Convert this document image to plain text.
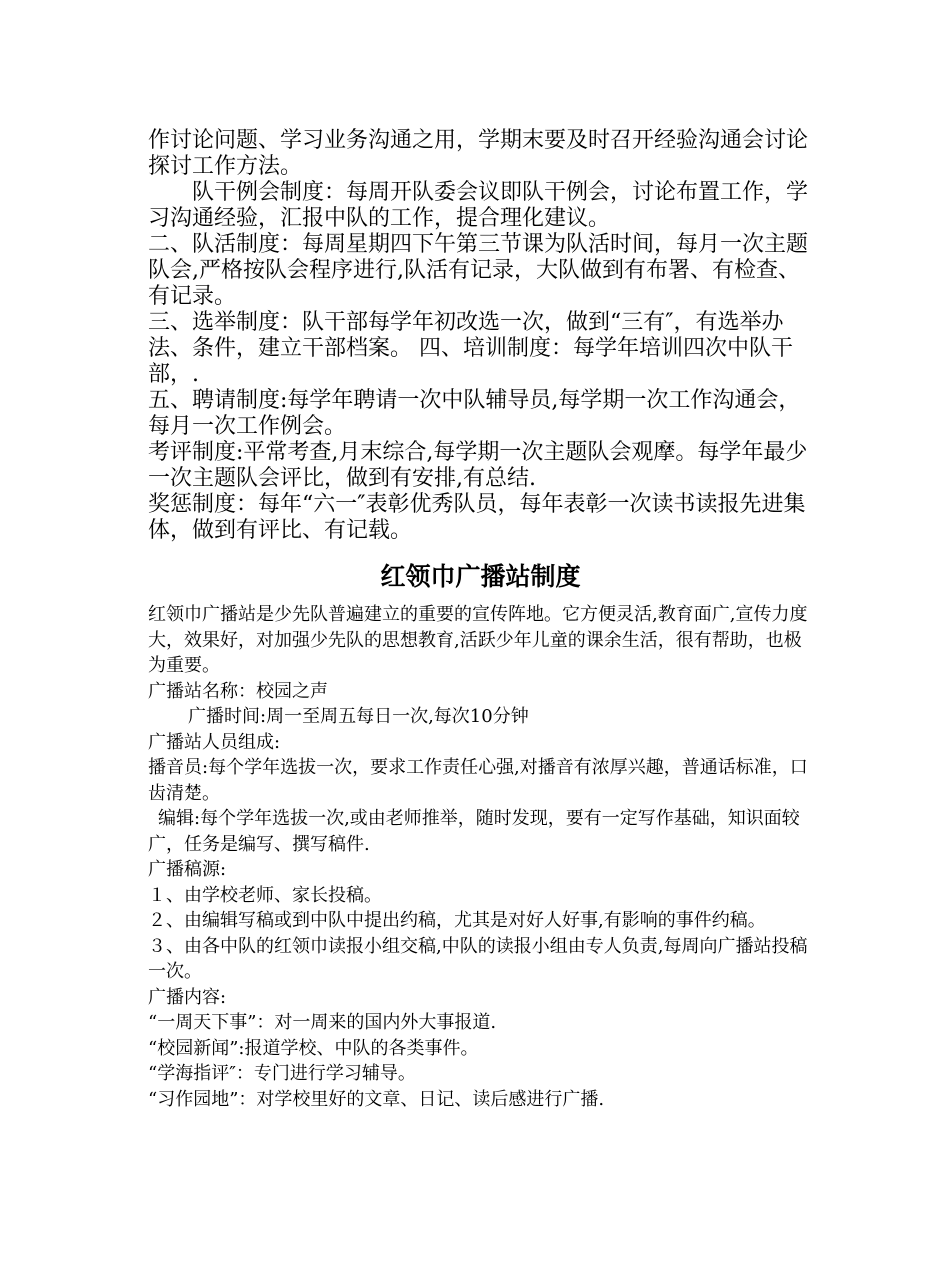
作讨论问题、学习业务沟通之用，学期末要及时召开经验沟通会讨论探讨工作方法。

队干例会制度：每周开队委会议即队干例会，讨论布置工作，学习沟通经验，汇报中队的工作，提合理化建议。

二、队活制度：每周星期四下午第三节课为队活时间，每月一次主题队会,严格按队会程序进行,队活有记录，大队做到有布署、有检查、有记录。

三、选举制度：队干部每学年初改选一次，做到“三有″，有选举办法、条件，建立干部档案。 四、培训制度：每学年培训四次中队干部，.

五、聘请制度:每学年聘请一次中队辅导员,每学期一次工作沟通会，每月一次工作例会。

考评制度:平常考查,月末综合,每学期一次主题队会观摩。每学年最少一次主题队会评比，做到有安排,有总结.

奖惩制度：每年“六一″表彰优秀队员，每年表彰一次读书读报先进集体，做到有评比、有记载。

红领巾广播站制度

红领巾广播站是少先队普遍建立的重要的宣传阵地。它方便灵活,教育面广,宣传力度大，效果好，对加强少先队的思想教育,活跃少年儿童的课余生活，很有帮助，也极为重要。

广播站名称：校园之声

广播时间:周一至周五每日一次,每次10分钟

广播站人员组成:

播音员:每个学年选拔一次，要求工作责任心强,对播音有浓厚兴趣，普通话标准，口齿清楚。

编辑:每个学年选拔一次,或由老师推举，随时发现，要有一定写作基础，知识面较广，任务是编写、撰写稿件.

广播稿源:

１、由学校老师、家长投稿。

２、由编辑写稿或到中队中提出约稿，尤其是对好人好事,有影响的事件约稿。

３、由各中队的红领巾读报小组交稿,中队的读报小组由专人负责,每周向广播站投稿一次。

广播内容:

“一周天下事”：对一周来的国内外大事报道.

“校园新闻”:报道学校、中队的各类事件。

“学海指评″：专门进行学习辅导。

“习作园地”：对学校里好的文章、日记、读后感进行广播.
